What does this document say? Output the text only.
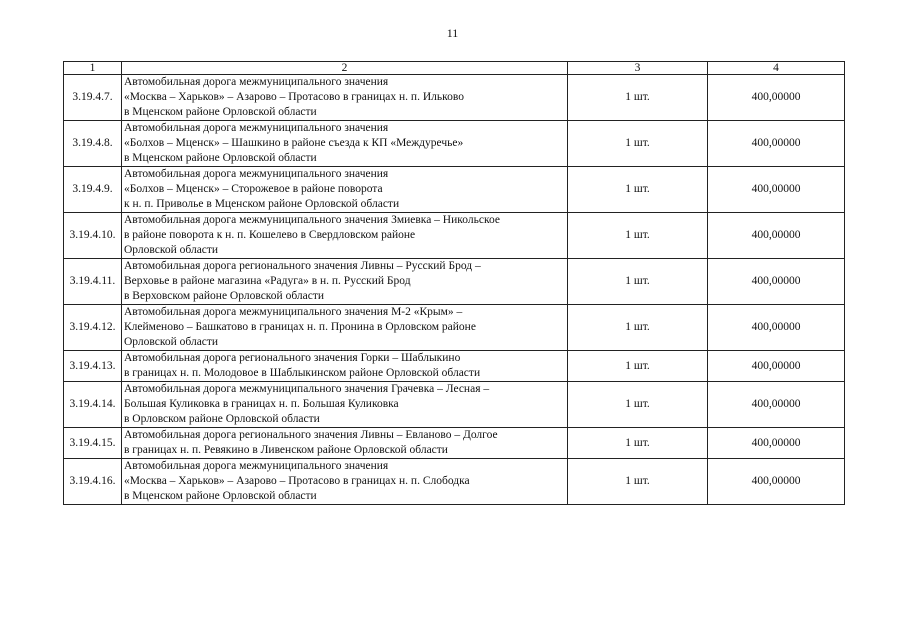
11
1	2	3	4
3.19.4.7.	Автомобильная дорога межмуниципального значения
«Москва – Харьков» – Азарово – Протасово в границах н. п. Ильково
в Мценском районе Орловской области	1 шт.	400,00000
3.19.4.8.	Автомобильная дорога межмуниципального значения
«Болхов – Мценск» – Шашкино в районе съезда к КП «Междуречье»
в Мценском районе Орловской области	1 шт.	400,00000
3.19.4.9.	Автомобильная дорога межмуниципального значения
«Болхов – Мценск» – Сторожевое в районе поворота
к н. п. Приволье в Мценском районе Орловской области	1 шт.	400,00000
3.19.4.10.	Автомобильная дорога межмуниципального значения Змиевка – Никольское
в районе поворота к н. п. Кошелево в Свердловском районе
Орловской области	1 шт.	400,00000
3.19.4.11.	Автомобильная дорога регионального значения Ливны – Русский Брод –
Верховье в районе магазина «Радуга» в н. п. Русский Брод
в Верховском районе Орловской области	1 шт.	400,00000
3.19.4.12.	Автомобильная дорога межмуниципального значения М-2 «Крым» –
Клейменово – Башкатово в границах н. п. Пронина в Орловском районе
Орловской области	1 шт.	400,00000
3.19.4.13.	Автомобильная дорога регионального значения Горки – Шаблыкино
в границах н. п. Молодовое в Шаблыкинском районе Орловской области	1 шт.	400,00000
3.19.4.14.	Автомобильная дорога межмуниципального значения Грачевка – Лесная –
Большая Куликовка в границах н. п. Большая Куликовка
в Орловском районе Орловской области	1 шт.	400,00000
3.19.4.15.	Автомобильная дорога регионального значения Ливны – Евланово – Долгое
в границах н. п. Ревякино в Ливенском районе Орловской области	1 шт.	400,00000
3.19.4.16.	Автомобильная дорога межмуниципального значения
«Москва – Харьков» – Азарово – Протасово в границах н. п. Слободка
в Мценском районе Орловской области	1 шт.	400,00000
